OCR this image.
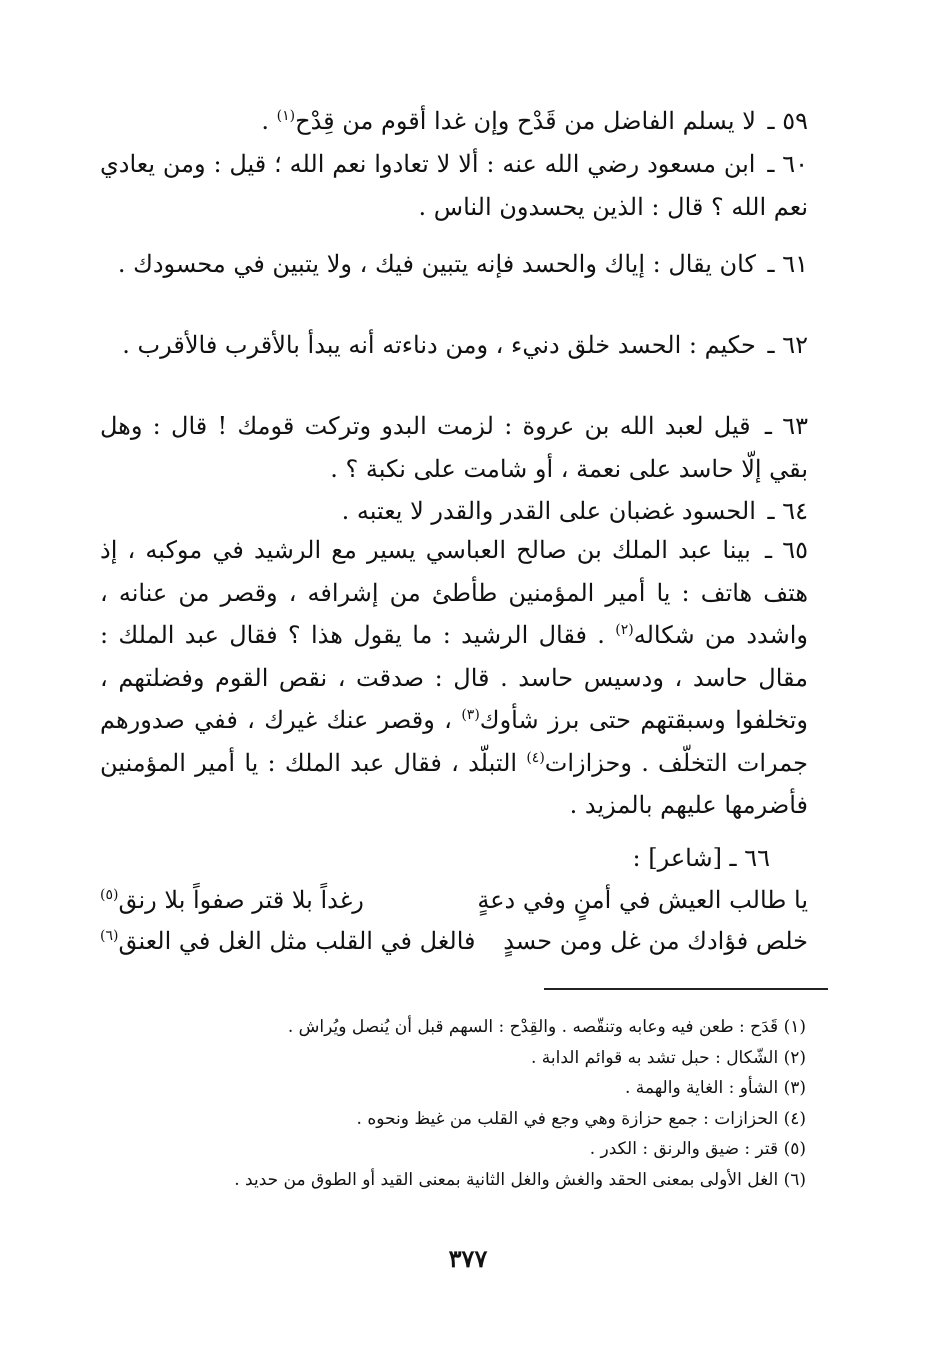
٥٩ ـ لا يسلم الفاضل من قَدْح وإن غدا أقوم من قِدْح$^{(١)}$ .

٦٠ ـ ابن مسعود رضي الله عنه : ألا لا تعادوا نعم الله ؛ قيل : ومن يعادي نعم الله ؟ قال : الذين يحسدون الناس .

٦١ ـ كان يقال : إياك والحسد فإنه يتبين فيك ، ولا يتبين في محسودك .

٦٢ ـ حكيم : الحسد خلق دنيء ، ومن دناءته أنه يبدأ بالأقرب فالأقرب .

٦٣ ـ قيل لعبد الله بن عروة : لزمت البدو وتركت قومك ! قال : وهل بقي إلّا حاسد على نعمة ، أو شامت على نكبة ؟ .

٦٤ ـ الحسود غضبان على القدر والقدر لا يعتبه .

٦٥ ـ بينا عبد الملك بن صالح العباسي يسير مع الرشيد في موكبه ، إذ هتف هاتف : يا أمير المؤمنين طأطئ من إشرافه ، وقصر من عنانه ، واشدد من شكاله$^{(٢)}$ . فقال الرشيد : ما يقول هذا ؟ فقال عبد الملك : مقال حاسد ، ودسيس حاسد . قال : صدقت ، نقص القوم وفضلتهم ، وتخلفوا وسبقتهم حتى برز شأوك$^{(٣)}$ ، وقصر عنك غيرك ، ففي صدورهم جمرات التخلّف . وحزازات$^{(٤)}$ التبلّد ، فقال عبد الملك : يا أمير المؤمنين فأضرمها عليهم بالمزيد .

٦٦ ـ [شاعر] :
يا طالب العيش في أمنٍ وفي دعةٍ
رغداً بلا قتر صفواً بلا رنق$^{(٥)}$
خلص فؤادك من غل ومن حسدٍ
فالغل في القلب مثل الغل في العنق$^{(٦)}$
(١) قَدَح : طعن فيه وعابه وتنقّصه . والقِدْح : السهم قبل أن يُنصل ويُراش .
(٢) الشّكال : حبل تشد به قوائم الدابة .
(٣) الشأو : الغاية والهمة .
(٤) الحزازات : جمع حزازة وهي وجع في القلب من غيظ ونحوه .
(٥) قتر : ضيق والرنق : الكدر .
(٦) الغل الأولى بمعنى الحقد والغش والغل الثانية بمعنى القيد أو الطوق من حديد .
٣٧٧
